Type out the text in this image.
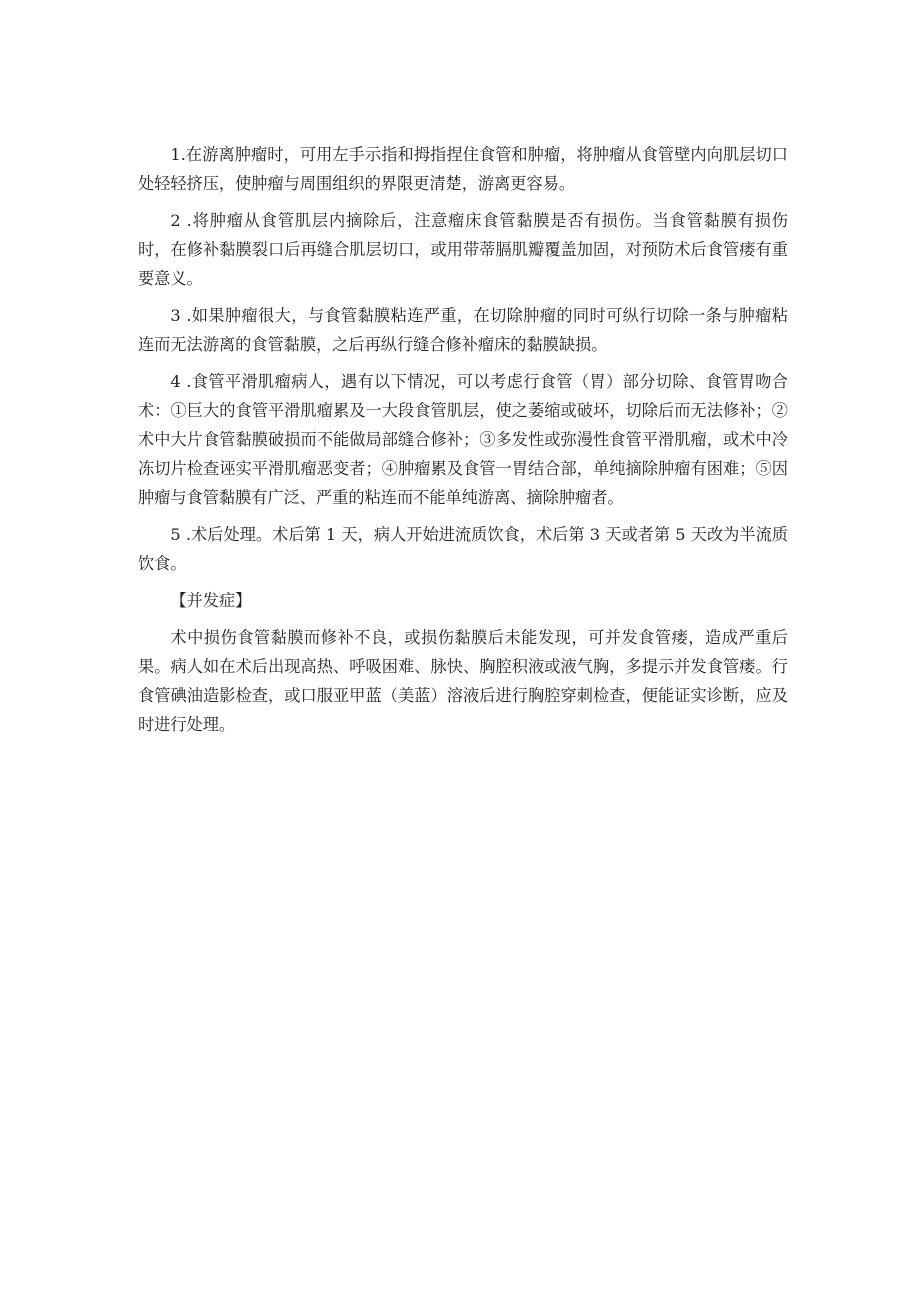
1.在游离肿瘤时，可用左手示指和拇指捏住食管和肿瘤，将肿瘤从食管壁内向肌层切口处轻轻挤压，使肿瘤与周围组织的界限更清楚，游离更容易。

2 .将肿瘤从食管肌层内摘除后，注意瘤床食管黏膜是否有损伤。当食管黏膜有损伤时，在修补黏膜裂口后再缝合肌层切口，或用带蒂膈肌瓣覆盖加固，对预防术后食管瘘有重要意义。

3 .如果肿瘤很大，与食管黏膜粘连严重，在切除肿瘤的同时可纵行切除一条与肿瘤粘连而无法游离的食管黏膜，之后再纵行缝合修补瘤床的黏膜缺损。

4 .食管平滑肌瘤病人，遇有以下情况，可以考虑行食管（胃）部分切除、食管胃吻合术：①巨大的食管平滑肌瘤累及一大段食管肌层，使之萎缩或破坏，切除后而无法修补；②术中大片食管黏膜破损而不能做局部缝合修补；③多发性或弥漫性食管平滑肌瘤，或术中冷冻切片检查诬实平滑肌瘤恶变者；④肿瘤累及食管一胃结合部，单纯摘除肿瘤有困难；⑤因肿瘤与食管黏膜有广泛、严重的粘连而不能单纯游离、摘除肿瘤者。

5 .术后处理。术后第 1 天，病人开始进流质饮食，术后第 3 天或者第 5 天改为半流质饮食。

【并发症】

术中损伤食管黏膜而修补不良，或损伤黏膜后未能发现，可并发食管瘘，造成严重后果。病人如在术后出现高热、呼吸困难、脉快、胸腔积液或液气胸，多提示并发食管瘘。行食管碘油造影检查，或口服亚甲蓝（美蓝）溶液后进行胸腔穿刺检查，便能证实诊断，应及时进行处理。
